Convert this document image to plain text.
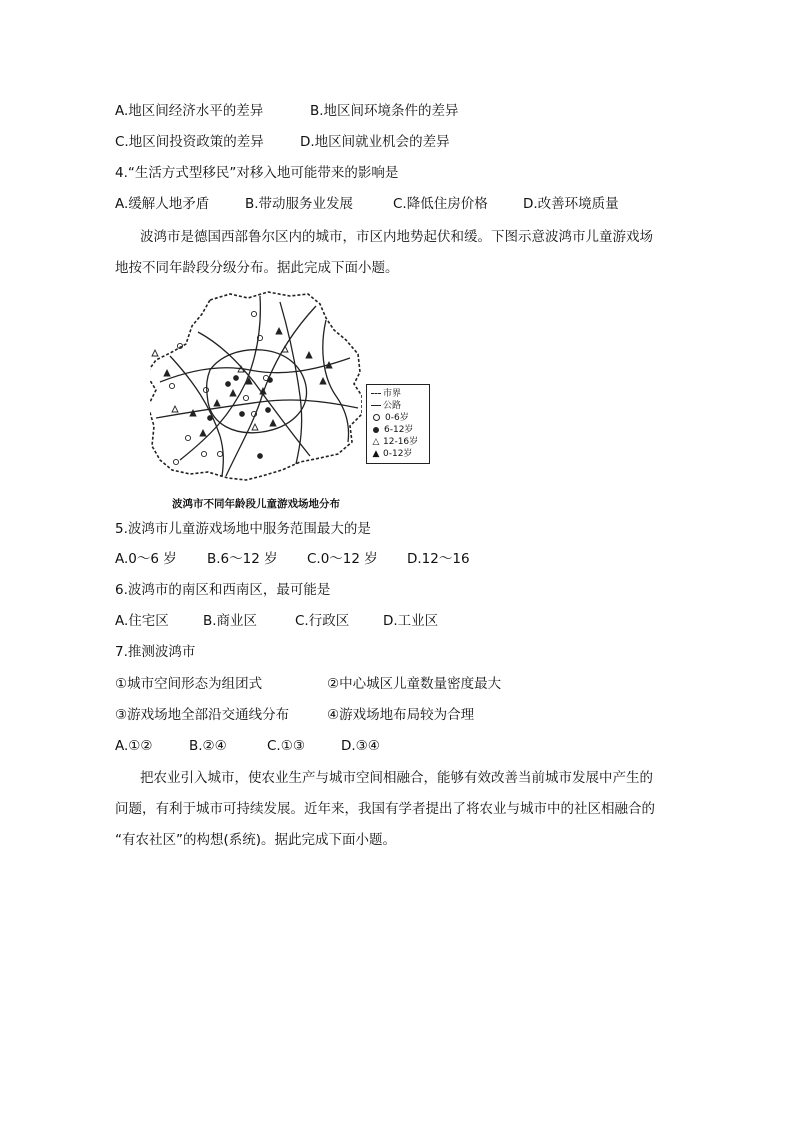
A.地区间经济水平的差异	B.地区间环境条件的差异
C.地区间投资政策的差异	D.地区间就业机会的差异
4.“生活方式型移民”对移入地可能带来的影响是
A.缓解人地矛盾	B.带动服务业发展	C.降低住房价格	D.改善环境质量
波鸿市是德国西部鲁尔区内的城市，市区内地势起伏和缓。下图示意波鸿市儿童游戏场
地按不同年龄段分级分布。据此完成下面小题。
市界
公路
0-6岁
6-12岁
△ 12-16岁
▲ 0-12岁
波鸿市不同年龄段儿童游戏场地分布
5.波鸿市儿童游戏场地中服务范围最大的是
A.0～6 岁 B.6～12 岁 C.0～12 岁 D.12～16
6.波鸿市的南区和西南区，最可能是
A.住宅区	B.商业区	C.行政区	D.工业区
7.推测波鸿市
①城市空间形态为组团式	②中心城区儿童数量密度最大
③游戏场地全部沿交通线分布	④游戏场地布局较为合理
A.①②	B.②④	C.①③	D.③④
把农业引入城市，使农业生产与城市空间相融合，能够有效改善当前城市发展中产生的
问题，有利于城市可持续发展。近年来，我国有学者提出了将农业与城市中的社区相融合的
“有农社区”的构想(系统)。据此完成下面小题。
